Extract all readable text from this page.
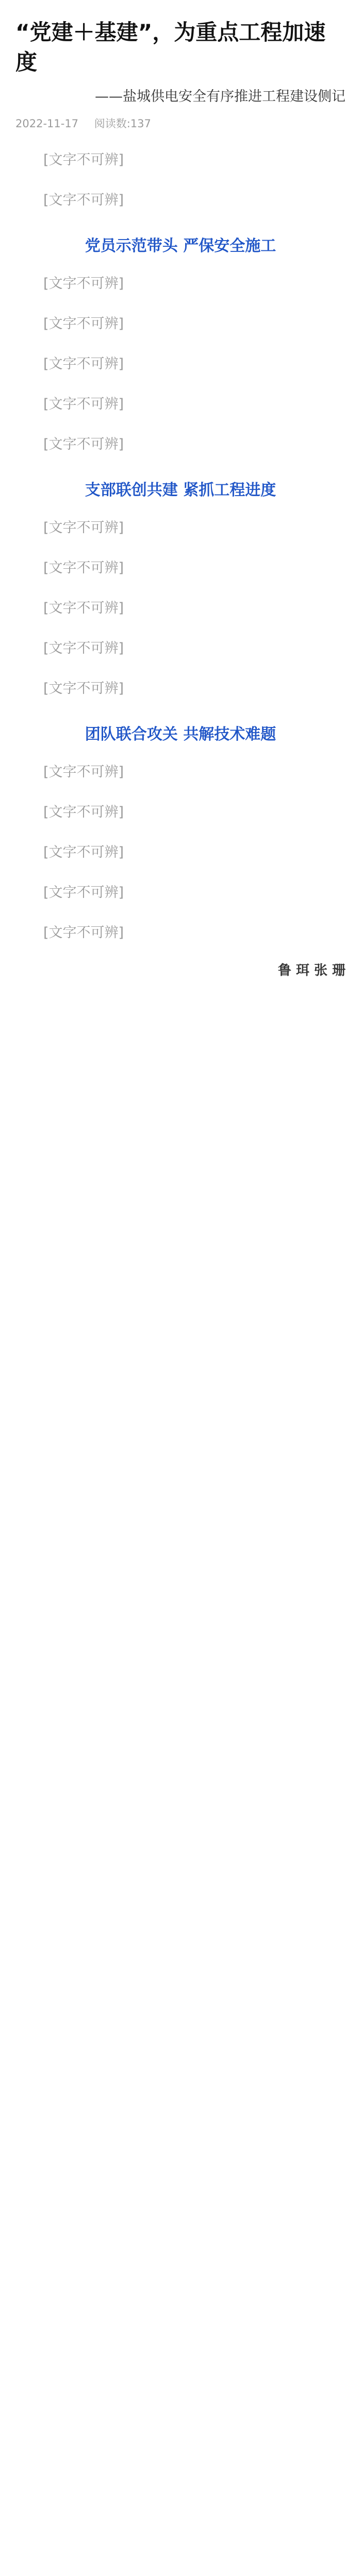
“党建＋基建”，为重点工程加速度

——盐城供电安全有序推进工程建设侧记

2022-11-17 阅读数:137

[文字不可辨]

[文字不可辨]

党员示范带头 严保安全施工

[文字不可辨]

[文字不可辨]

[文字不可辨]

[文字不可辨]

[文字不可辨]

支部联创共建 紧抓工程进度

[文字不可辨]

[文字不可辨]

[文字不可辨]

[文字不可辨]

[文字不可辨]

团队联合攻关 共解技术难题

[文字不可辨]

[文字不可辨]

[文字不可辨]

[文字不可辨]

[文字不可辨]

鲁 珥 张 珊
